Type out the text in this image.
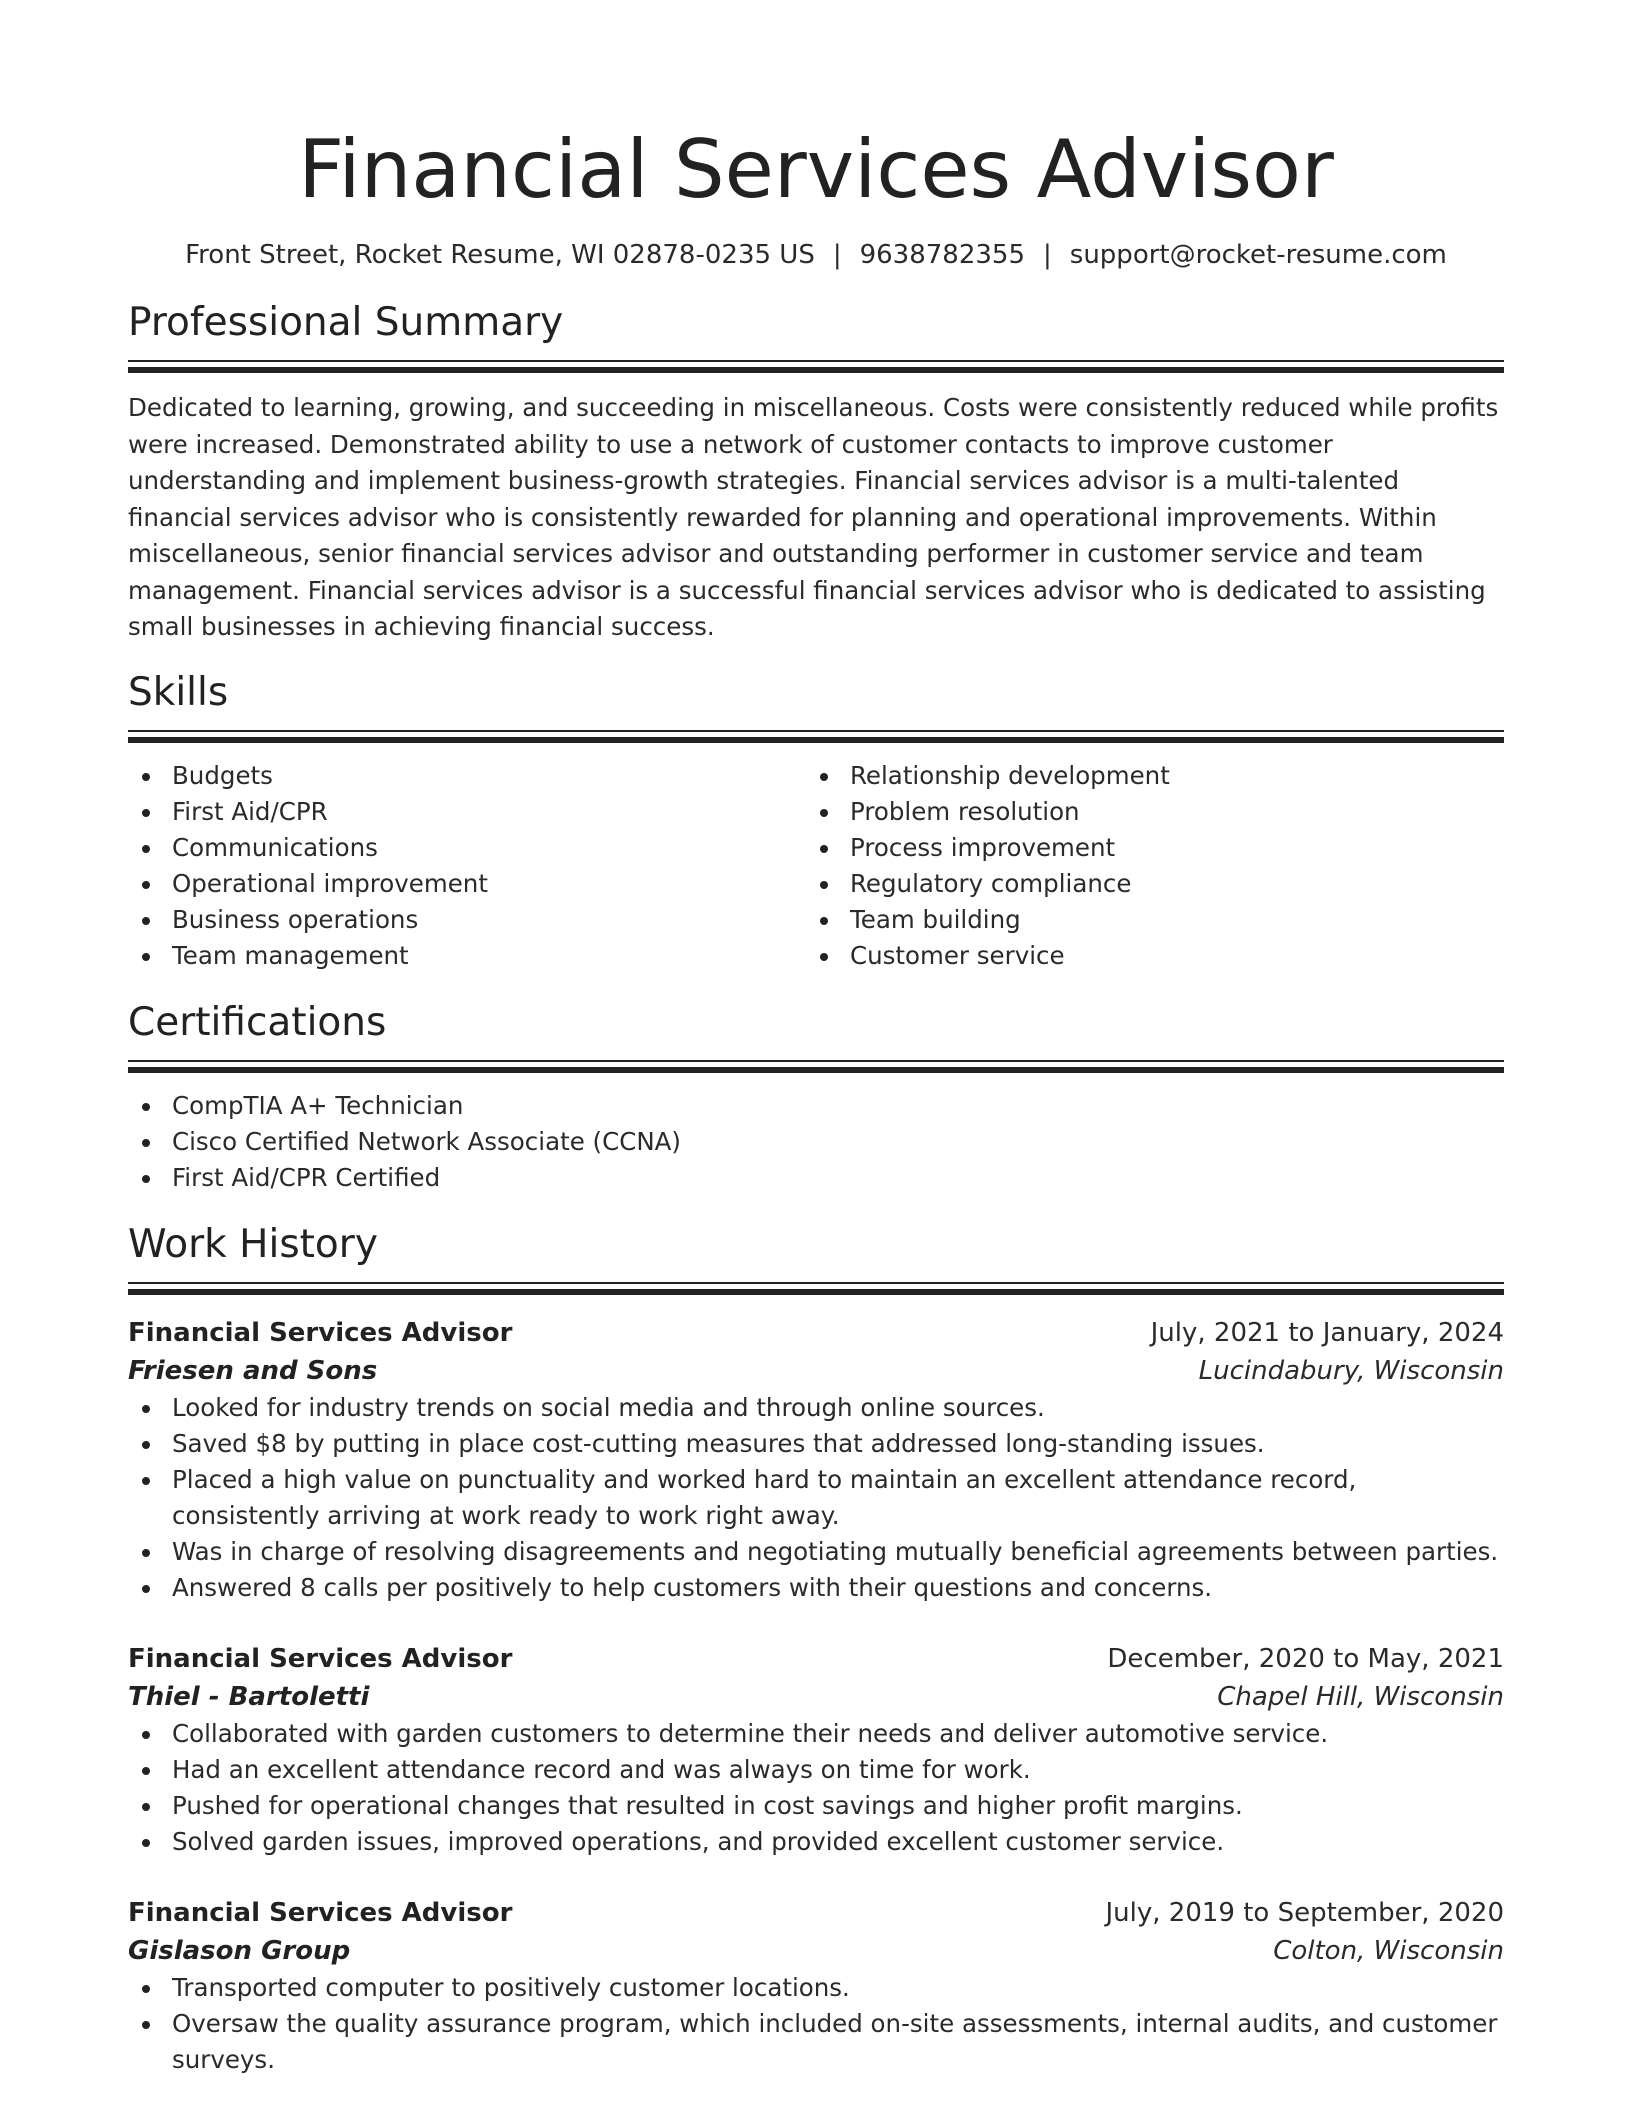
Financial Services Advisor
Front Street, Rocket Resume, WI 02878-0235 US | 9638782355 | support@rocket-resume.com
Professional Summary

Dedicated to learning, growing, and succeeding in miscellaneous. Costs were consistently reduced while profits were increased. Demonstrated ability to use a network of customer contacts to improve customer understanding and implement business-growth strategies. Financial services advisor is a multi-talented financial services advisor who is consistently rewarded for planning and operational improvements. Within miscellaneous, senior financial services advisor and outstanding performer in customer service and team management. Financial services advisor is a successful financial services advisor who is dedicated to assisting small businesses in achieving financial success.

Skills
Budgets
First Aid/CPR
Communications
Operational improvement
Business operations
Team management
Relationship development
Problem resolution
Process improvement
Regulatory compliance
Team building
Customer service
Certifications
CompTIA A+ Technician
Cisco Certified Network Associate (CCNA)
First Aid/CPR Certified
Work History
Financial Services Advisor	July, 2021 to January, 2024
Friesen and Sons	Lucindabury, Wisconsin
Looked for industry trends on social media and through online sources.
Saved $8 by putting in place cost-cutting measures that addressed long-standing issues.
Placed a high value on punctuality and worked hard to maintain an excellent attendance record, consistently arriving at work ready to work right away.
Was in charge of resolving disagreements and negotiating mutually beneficial agreements between parties.
Answered 8 calls per positively to help customers with their questions and concerns.
Financial Services Advisor	December, 2020 to May, 2021
Thiel - Bartoletti	Chapel Hill, Wisconsin
Collaborated with garden customers to determine their needs and deliver automotive service.
Had an excellent attendance record and was always on time for work.
Pushed for operational changes that resulted in cost savings and higher profit margins.
Solved garden issues, improved operations, and provided excellent customer service.
Financial Services Advisor	July, 2019 to September, 2020
Gislason Group	Colton, Wisconsin
Transported computer to positively customer locations.
Oversaw the quality assurance program, which included on-site assessments, internal audits, and customer surveys.
